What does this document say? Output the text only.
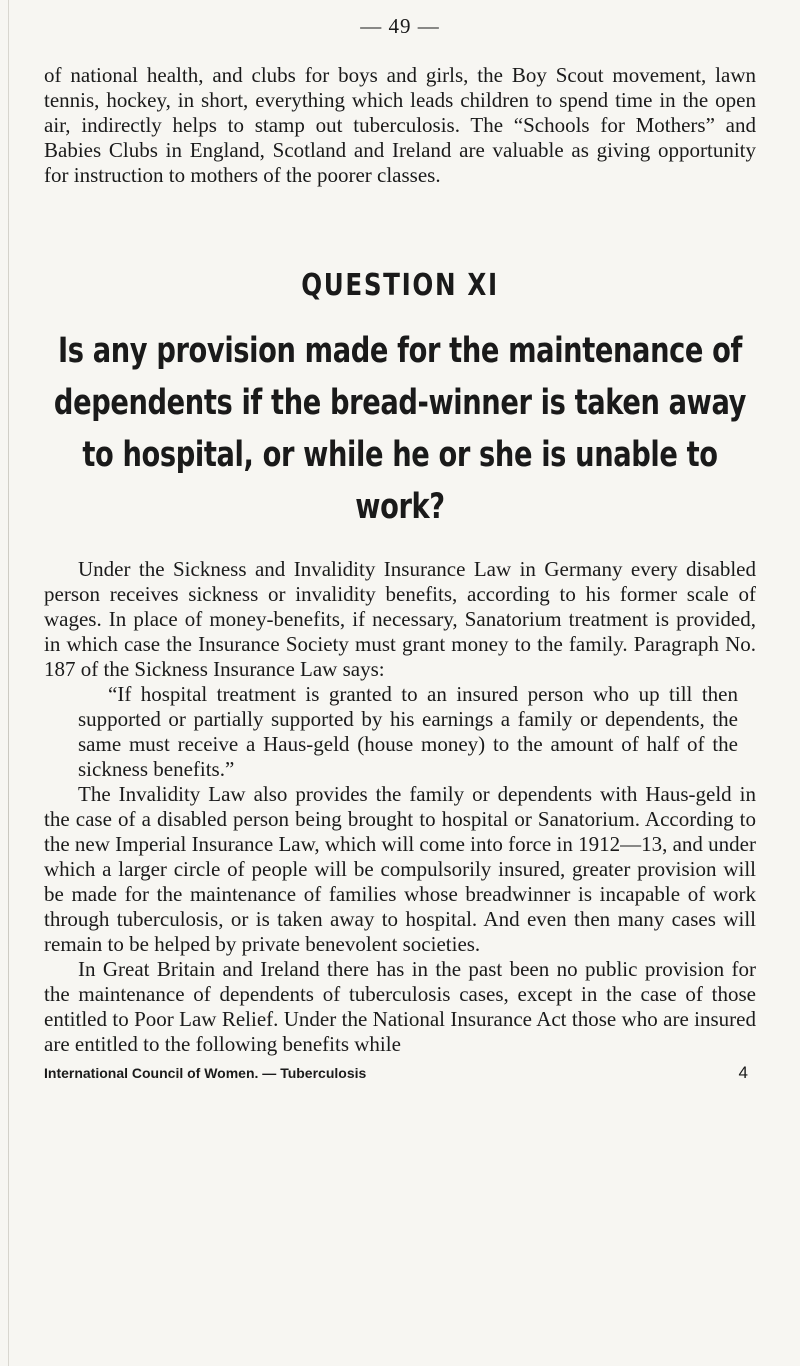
— 49 —

of national health, and clubs for boys and girls, the Boy Scout movement, lawn tennis, hockey, in short, everything which leads children to spend time in the open air, indirectly helps to stamp out tuberculosis. The “Schools for Mothers” and Babies Clubs in England, Scotland and Ireland are valuable as giving opportunity for instruction to mothers of the poorer classes.

QUESTION XI
Is any provision made for the maintenance of dependents if the bread-winner is taken away to hospital, or while he or she is unable to work?

Under the Sickness and Invalidity Insurance Law in Germany every disabled person receives sickness or invalidity benefits, according to his former scale of wages. In place of money-benefits, if necessary, Sanatorium treatment is provided, in which case the Insurance Society must grant money to the family. Paragraph No. 187 of the Sickness Insurance Law says:

“If hospital treatment is granted to an insured person who up till then supported or partially supported by his earnings a family or dependents, the same must receive a Haus-geld (house money) to the amount of half of the sickness benefits.”

The Invalidity Law also provides the family or dependents with Haus-geld in the case of a disabled person being brought to hospital or Sanatorium. According to the new Imperial Insurance Law, which will come into force in 1912—13, and under which a larger circle of people will be compulsorily insured, greater provision will be made for the maintenance of families whose breadwinner is incapable of work through tuberculosis, or is taken away to hospital. And even then many cases will remain to be helped by private benevolent societies.

In Great Britain and Ireland there has in the past been no public provision for the maintenance of dependents of tuberculosis cases, except in the case of those entitled to Poor Law Relief. Under the National Insurance Act those who are insured are entitled to the following benefits while

International Council of Women. — Tuberculosis	4
